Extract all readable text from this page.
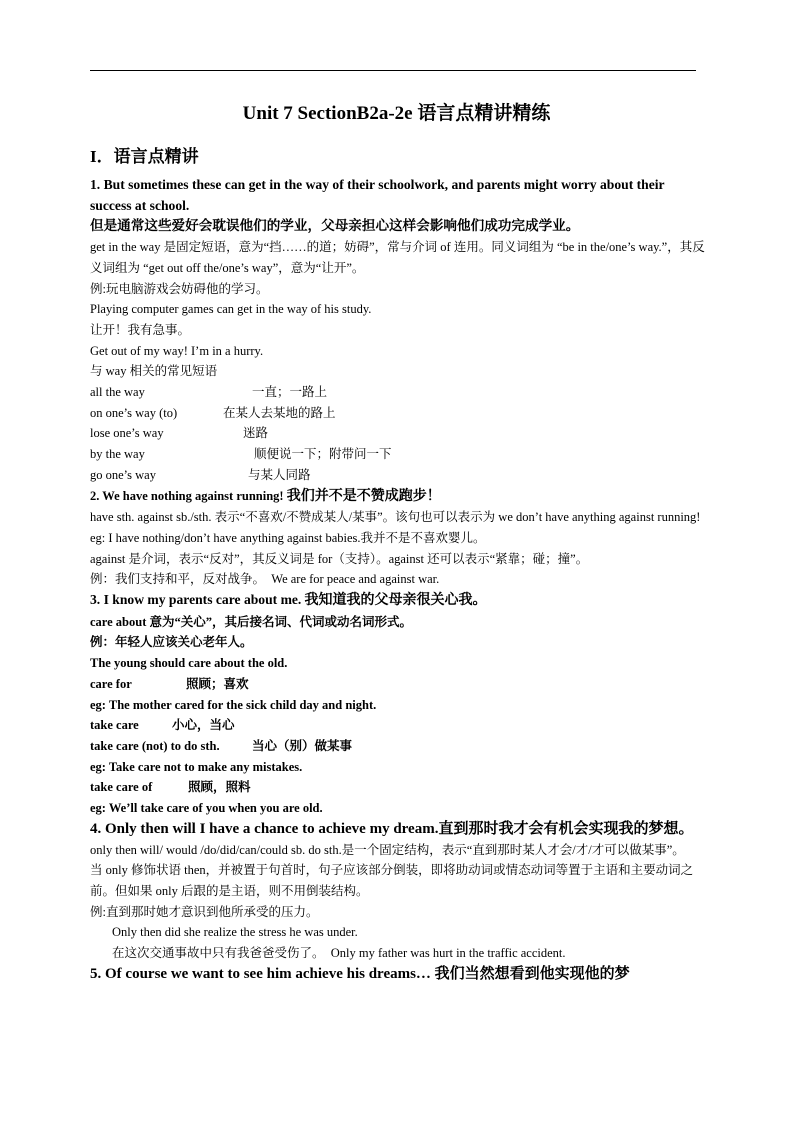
Unit 7 SectionB2a-2e 语言点精讲精练
I．语言点精讲
1. But sometimes these can get in the way of their schoolwork, and parents might worry about their success at school.
但是通常这些爱好会耽误他们的学业，父母亲担心这样会影响他们成功完成学业。
get in the way 是固定短语，意为“挡……的道；妨碍”，常与介词 of 连用。同义词组为 “be in the/one’s way.”，其反义词组为 “get out off the/one’s way”，意为“让开”。
例:玩电脑游戏会妨碍他的学习。
Playing computer games can get in the way of his study.
让开！我有急事。
Get out of my way! I’m in a hurry.
与 way 相关的常见短语
all the way	一直；一路上
on one’s way (to)	在某人去某地的路上
lose one’s way	迷路
by the way	顺便说一下；附带问一下
go one’s way	与某人同路
2. We have nothing against running! 我们并不是不赞成跑步！
have sth. against sb./sth. 表示“不喜欢/不赞成某人/某事”。该句也可以表示为 we don’t have anything against running!
eg: I have nothing/don’t have anything against babies.我并不是不喜欢婴儿。
against 是介词，表示“反对”，其反义词是 for（支持）。against 还可以表示“紧靠；碰；撞”。
例：我们支持和平，反对战争。 We are for peace and against war.
3. I know my parents care about me. 我知道我的父母亲很关心我。
care about 意为“关心”，其后接名词、代词或动名词形式。
例：年轻人应该关心老年人。
The young should care about the old.
care for	照顾；喜欢
eg: The mother cared for the sick child day and night.
take care	小心，当心
take care (not) to do sth.	当心（别）做某事
eg: Take care not to make any mistakes.
take care of	照顾，照料
eg: We’ll take care of you when you are old.
4. Only then will I have a chance to achieve my dream.直到那时我才会有机会实现我的梦想。
only then will/ would /do/did/can/could sb. do sth.是一个固定结构，表示“直到那时某人才会/才/才可以做某事”。
当 only 修饰状语 then，并被置于句首时，句子应该部分倒装，即将助动词或情态动词等置于主语和主要动词之前。但如果 only 后跟的是主语，则不用倒装结构。
例:直到那时她才意识到他所承受的压力。
Only then did she realize the stress he was under.
在这次交通事故中只有我爸爸受伤了。 Only my father was hurt in the traffic accident.
5. Of course we want to see him achieve his dreams… 我们当然想看到他实现他的梦
